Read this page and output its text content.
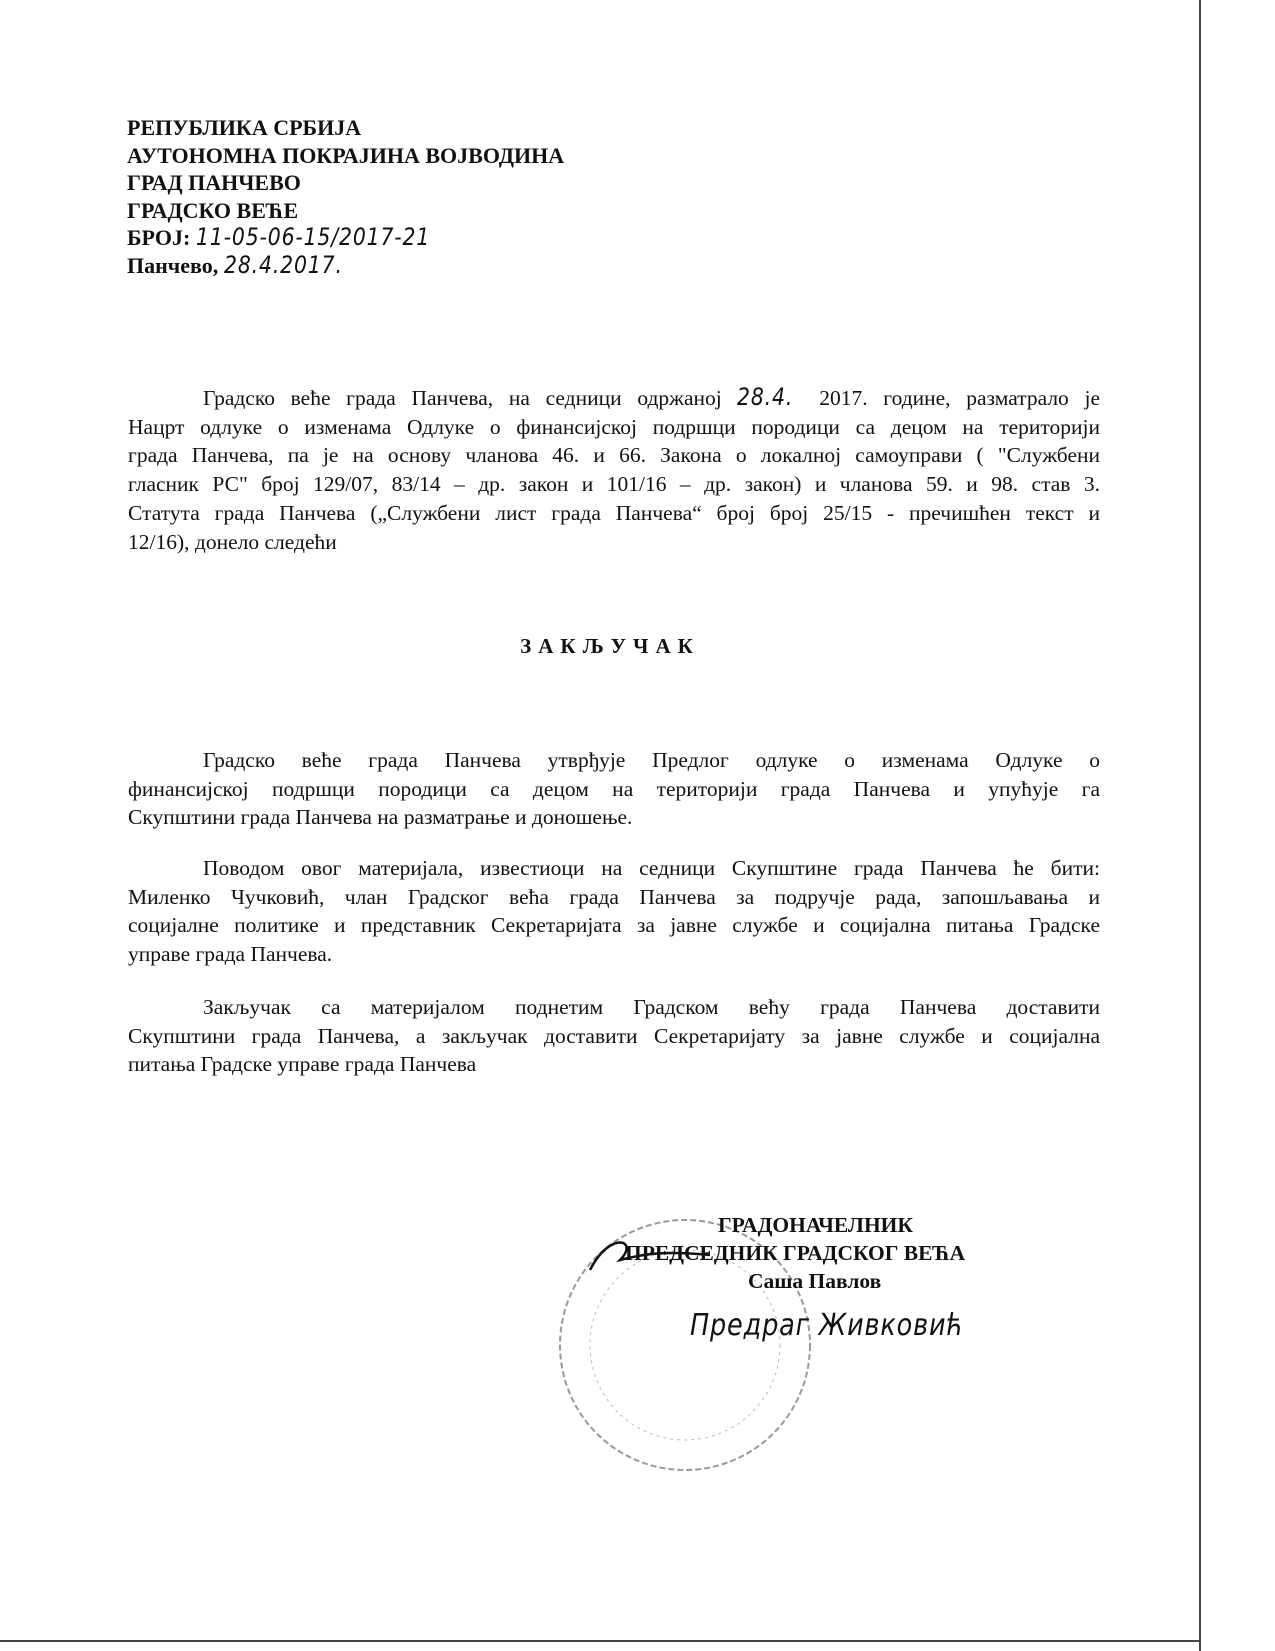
РЕПУБЛИКА СРБИЈА
АУТОНОМНА ПОКРАЈИНА ВОЈВОДИНА
ГРАД ПАНЧЕВО
ГРАДСКО ВЕЋЕ
БРОЈ: 11-05-06-15/2017-21
Панчево, 28.4.2017.
Градско веће града Панчева, на седници одржаној 28.4. 2017. године, разматрало је
Нацрт одлуке о изменама Одлуке о финансијској подршци породици са децом на територији
града Панчева, па је на основу чланова 46. и 66. Закона о локалној самоуправи ( "Службени
гласник РС" број 129/07, 83/14 – др. закон и 101/16 – др. закон) и чланова 59. и 98. став 3.
Статута града Панчева („Службени лист града Панчева“ број број 25/15 - пречишћен текст и
12/16), донело следећи
ЗАКЉУЧАК
Градско веће града Панчева утврђује Предлог одлуке о изменама Одлуке о
финансијској подршци породици са децом на територији града Панчева и упућује га
Скупштини града Панчева на разматрање и доношење.
Поводом овог материјала, известиоци на седници Скупштине града Панчева ће бити:
Миленко Чучковић, члан Градског већа града Панчева за подручје рада, запошљавања и
социјалне политике и представник Секретаријата за јавне службе и социјална питања Градске
управе града Панчева.
Закључак са материјалом поднетим Градском већу града Панчева доставити
Скупштини града Панчева, а закључак доставити Секретаријату за јавне службе и социјална
питања Градске управе града Панчева
ГРАДОНАЧЕЛНИК
ПРЕДСЕДНИК ГРАДСКОГ ВЕЋА
Саша Павлов
Предраг Живковић
